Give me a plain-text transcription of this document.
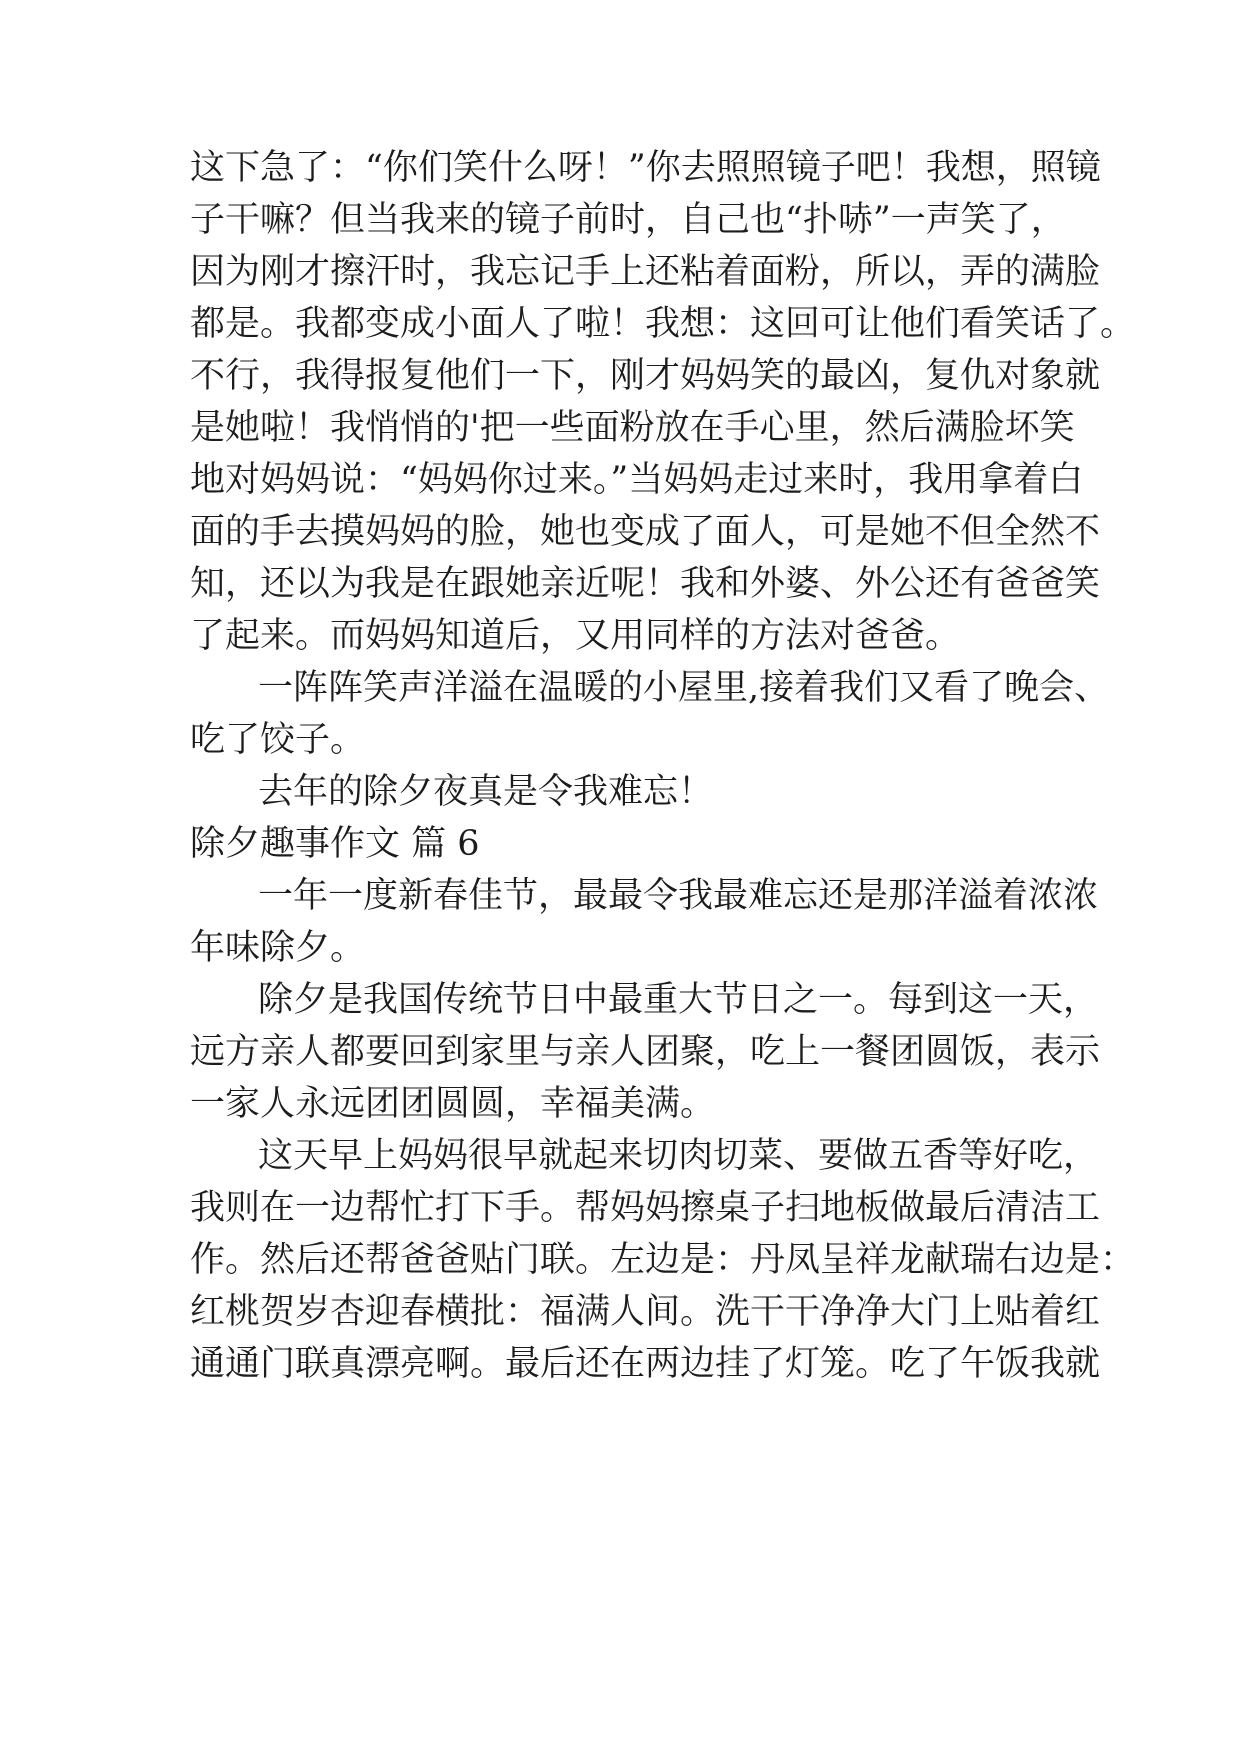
这下急了：“你们笑什么呀！”你去照照镜子吧！我想，照镜
子干嘛？但当我来的镜子前时，自己也“扑哧”一声笑了，
因为刚才擦汗时，我忘记手上还粘着面粉，所以，弄的满脸
都是。我都变成小面人了啦！我想：这回可让他们看笑话了。
不行，我得报复他们一下，刚才妈妈笑的最凶，复仇对象就
是她啦！我悄悄的'把一些面粉放在手心里，然后满脸坏笑
地对妈妈说：“妈妈你过来。”当妈妈走过来时，我用拿着白
面的手去摸妈妈的脸，她也变成了面人，可是她不但全然不
知，还以为我是在跟她亲近呢！我和外婆、外公还有爸爸笑
了起来。而妈妈知道后，又用同样的方法对爸爸。
一阵阵笑声洋溢在温暖的小屋里,接着我们又看了晚会、
吃了饺子。
去年的除夕夜真是令我难忘！
除夕趣事作文 篇 6
一年一度新春佳节，最最令我最难忘还是那洋溢着浓浓
年味除夕。
除夕是我国传统节日中最重大节日之一。每到这一天，
远方亲人都要回到家里与亲人团聚，吃上一餐团圆饭，表示
一家人永远团团圆圆，幸福美满。
这天早上妈妈很早就起来切肉切菜、要做五香等好吃，
我则在一边帮忙打下手。帮妈妈擦桌子扫地板做最后清洁工
作。然后还帮爸爸贴门联。左边是：丹凤呈祥龙献瑞右边是：
红桃贺岁杏迎春横批：福满人间。洗干干净净大门上贴着红
通通门联真漂亮啊。最后还在两边挂了灯笼。吃了午饭我就
